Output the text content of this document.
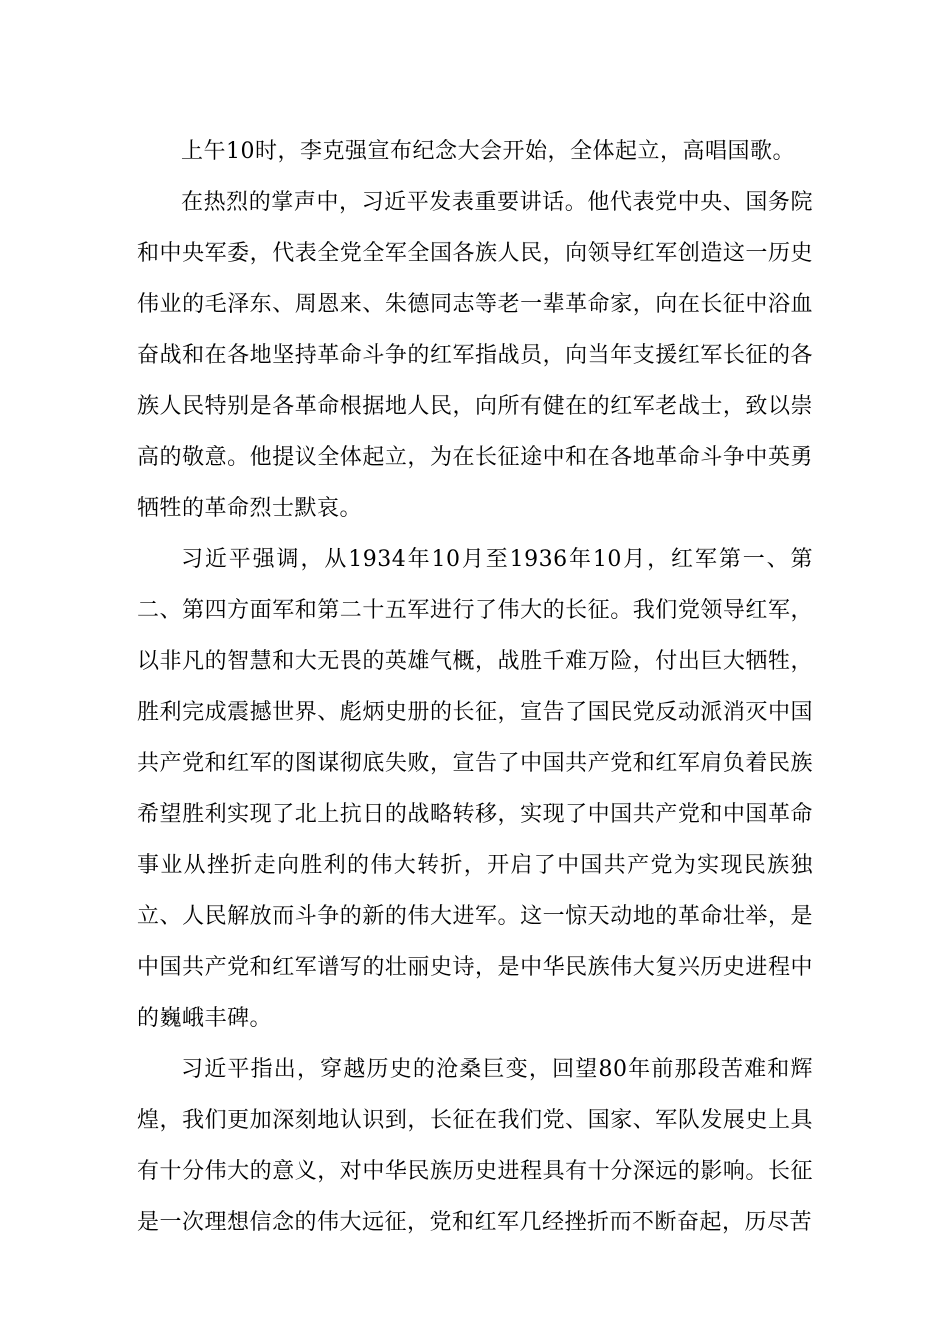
上午10时，李克强宣布纪念大会开始，全体起立，高唱国歌。

在热烈的掌声中，习近平发表重要讲话。他代表党中央、国务院和中央军委，代表全党全军全国各族人民，向领导红军创造这一历史伟业的毛泽东、周恩来、朱德同志等老一辈革命家，向在长征中浴血奋战和在各地坚持革命斗争的红军指战员，向当年支援红军长征的各族人民特别是各革命根据地人民，向所有健在的红军老战士，致以崇高的敬意。他提议全体起立，为在长征途中和在各地革命斗争中英勇牺牲的革命烈士默哀。

习近平强调，从1934年10月至1936年10月，红军第一、第二、第四方面军和第二十五军进行了伟大的长征。我们党领导红军，以非凡的智慧和大无畏的英雄气概，战胜千难万险，付出巨大牺牲，胜利完成震撼世界、彪炳史册的长征，宣告了国民党反动派消灭中国共产党和红军的图谋彻底失败，宣告了中国共产党和红军肩负着民族希望胜利实现了北上抗日的战略转移，实现了中国共产党和中国革命事业从挫折走向胜利的伟大转折，开启了中国共产党为实现民族独立、人民解放而斗争的新的伟大进军。这一惊天动地的革命壮举，是中国共产党和红军谱写的壮丽史诗，是中华民族伟大复兴历史进程中的巍峨丰碑。

习近平指出，穿越历史的沧桑巨变，回望80年前那段苦难和辉煌，我们更加深刻地认识到，长征在我们党、国家、军队发展史上具有十分伟大的意义，对中华民族历史进程具有十分深远的影响。长征是一次理想信念的伟大远征，党和红军几经挫折而不断奋起，历尽苦
